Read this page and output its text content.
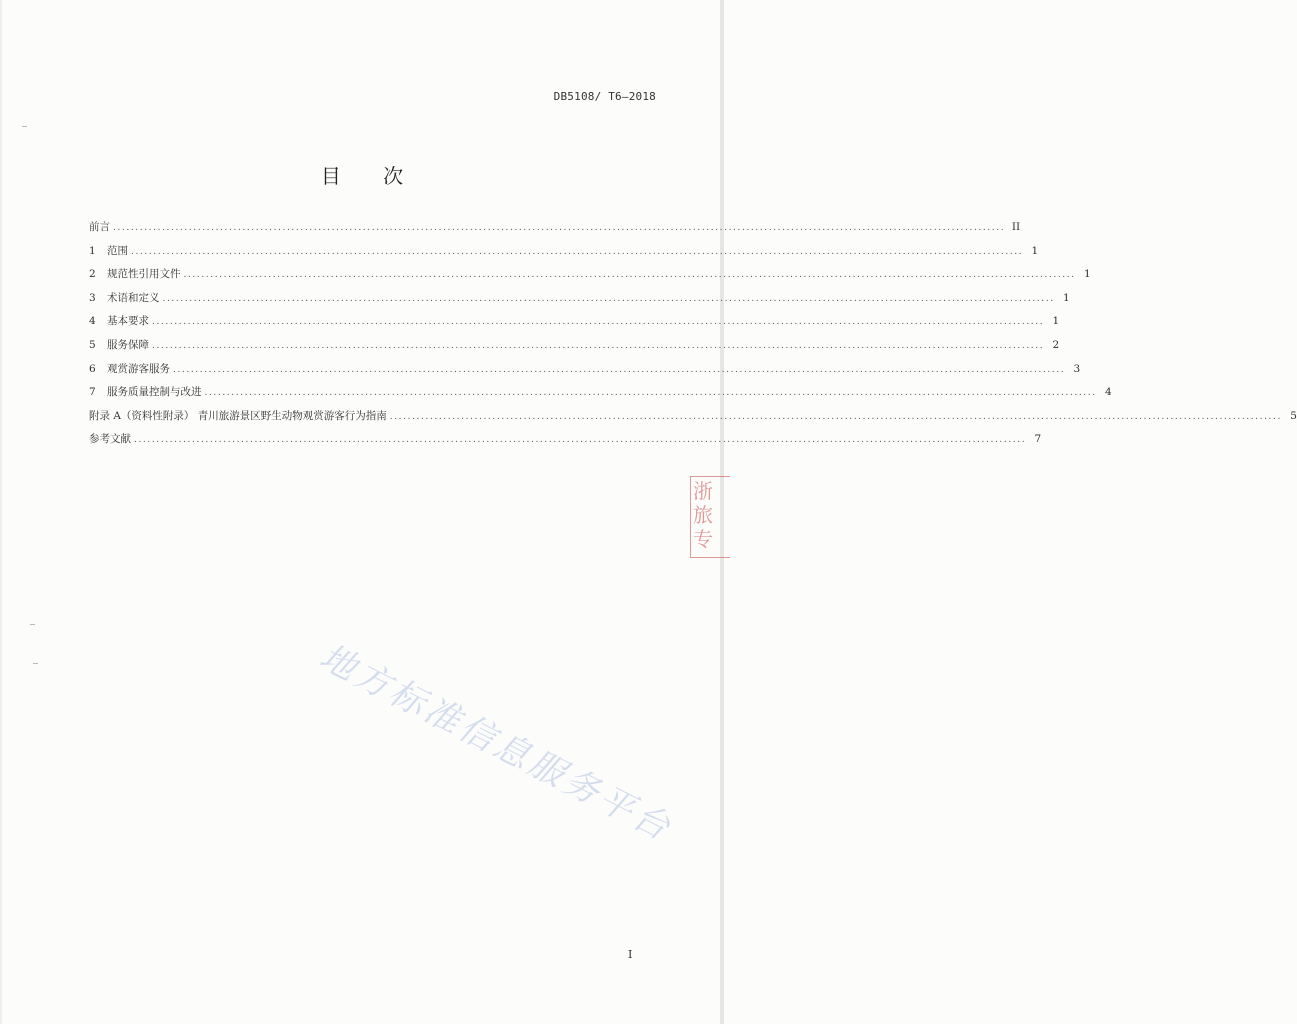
DB5108/ T6—2018
目 次
前言 ........................................................................................................................................................................................................ II
1	范围 ........................................................................................................................................................................................................ 1
2	规范性引用文件 ........................................................................................................................................................................................................ 1
3	术语和定义 ........................................................................................................................................................................................................ 1
4	基本要求 ........................................................................................................................................................................................................ 1
5	服务保障 ........................................................................................................................................................................................................ 2
6	观赏游客服务 ........................................................................................................................................................................................................ 3
7	服务质量控制与改进 ........................................................................................................................................................................................................ 4
附录 A（资料性附录） 青川旅游景区野生动物观赏游客行为指南 ........................................................................................................................................................................................................ 5
参考文献 ........................................................................................................................................................................................................ 7
地方标准信息服务平台
浙
旅
专
I
